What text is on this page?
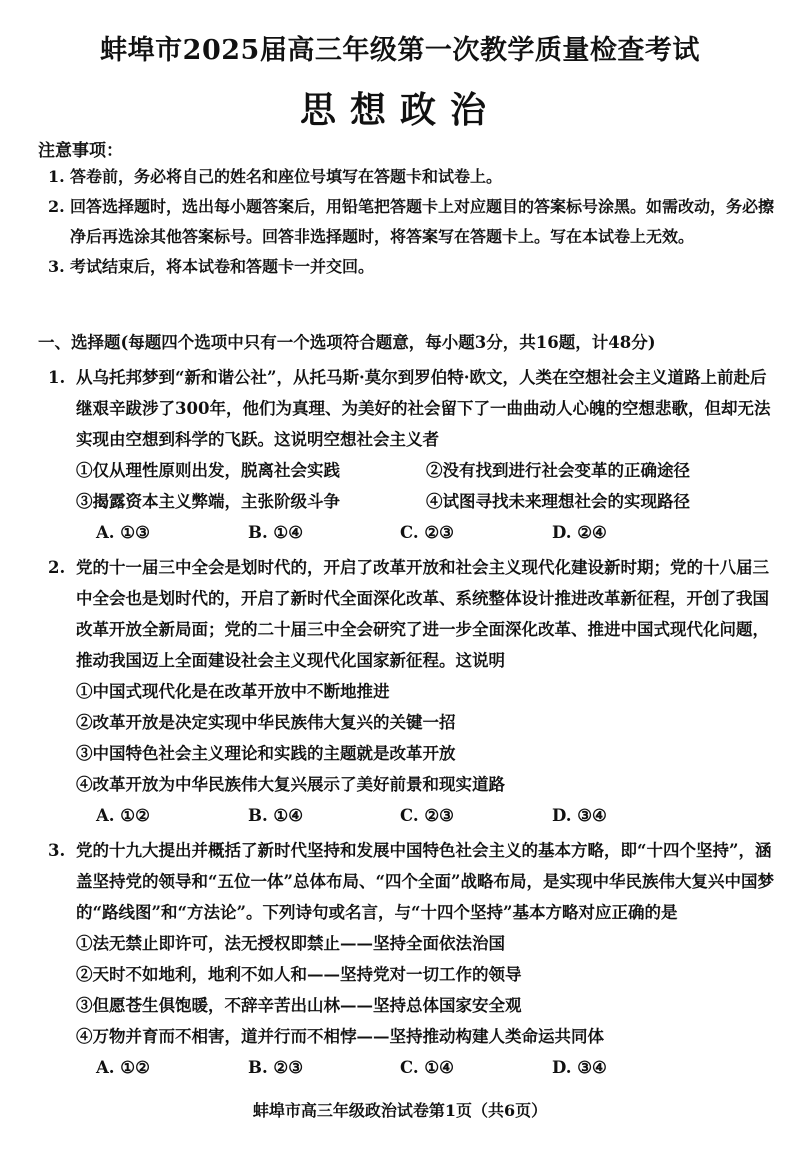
蚌埠市2025届高三年级第一次教学质量检查考试
思想政治
注意事项：
1. 答卷前，务必将自己的姓名和座位号填写在答题卡和试卷上。
2. 回答选择题时，选出每小题答案后，用铅笔把答题卡上对应题目的答案标号涂黑。如需改动，务必擦净后再选涂其他答案标号。回答非选择题时，将答案写在答题卡上。写在本试卷上无效。
3. 考试结束后，将本试卷和答题卡一并交回。
一、选择题(每题四个选项中只有一个选项符合题意，每小题3分，共16题，计48分)
1. 从乌托邦梦到“新和谐公社”，从托马斯·莫尔到罗伯特·欧文，人类在空想社会主义道路上前赴后继艰辛跋涉了300年，他们为真理、为美好的社会留下了一曲曲动人心魄的空想悲歌，但却无法实现由空想到科学的飞跃。这说明空想社会主义者
①仅从理性原则出发，脱离社会实践	②没有找到进行社会变革的正确途径
③揭露资本主义弊端，主张阶级斗争	④试图寻找未来理想社会的实现路径
A. ①③	B. ①④	C. ②③	D. ②④
2. 党的十一届三中全会是划时代的，开启了改革开放和社会主义现代化建设新时期；党的十八届三中全会也是划时代的，开启了新时代全面深化改革、系统整体设计推进改革新征程，开创了我国改革开放全新局面；党的二十届三中全会研究了进一步全面深化改革、推进中国式现代化问题，推动我国迈上全面建设社会主义现代化国家新征程。这说明
①中国式现代化是在改革开放中不断地推进
②改革开放是决定实现中华民族伟大复兴的关键一招
③中国特色社会主义理论和实践的主题就是改革开放
④改革开放为中华民族伟大复兴展示了美好前景和现实道路
A. ①②	B. ①④	C. ②③	D. ③④
3. 党的十九大提出并概括了新时代坚持和发展中国特色社会主义的基本方略，即“十四个坚持”，涵盖坚持党的领导和“五位一体”总体布局、“四个全面”战略布局，是实现中华民族伟大复兴中国梦的“路线图”和“方法论”。下列诗句或名言，与“十四个坚持”基本方略对应正确的是
①法无禁止即许可，法无授权即禁止——坚持全面依法治国
②天时不如地利，地利不如人和——坚持党对一切工作的领导
③但愿苍生俱饱暖，不辞辛苦出山林——坚持总体国家安全观
④万物并育而不相害，道并行而不相悖——坚持推动构建人类命运共同体
A. ①②	B. ②③	C. ①④	D. ③④
蚌埠市高三年级政治试卷第1页（共6页）
